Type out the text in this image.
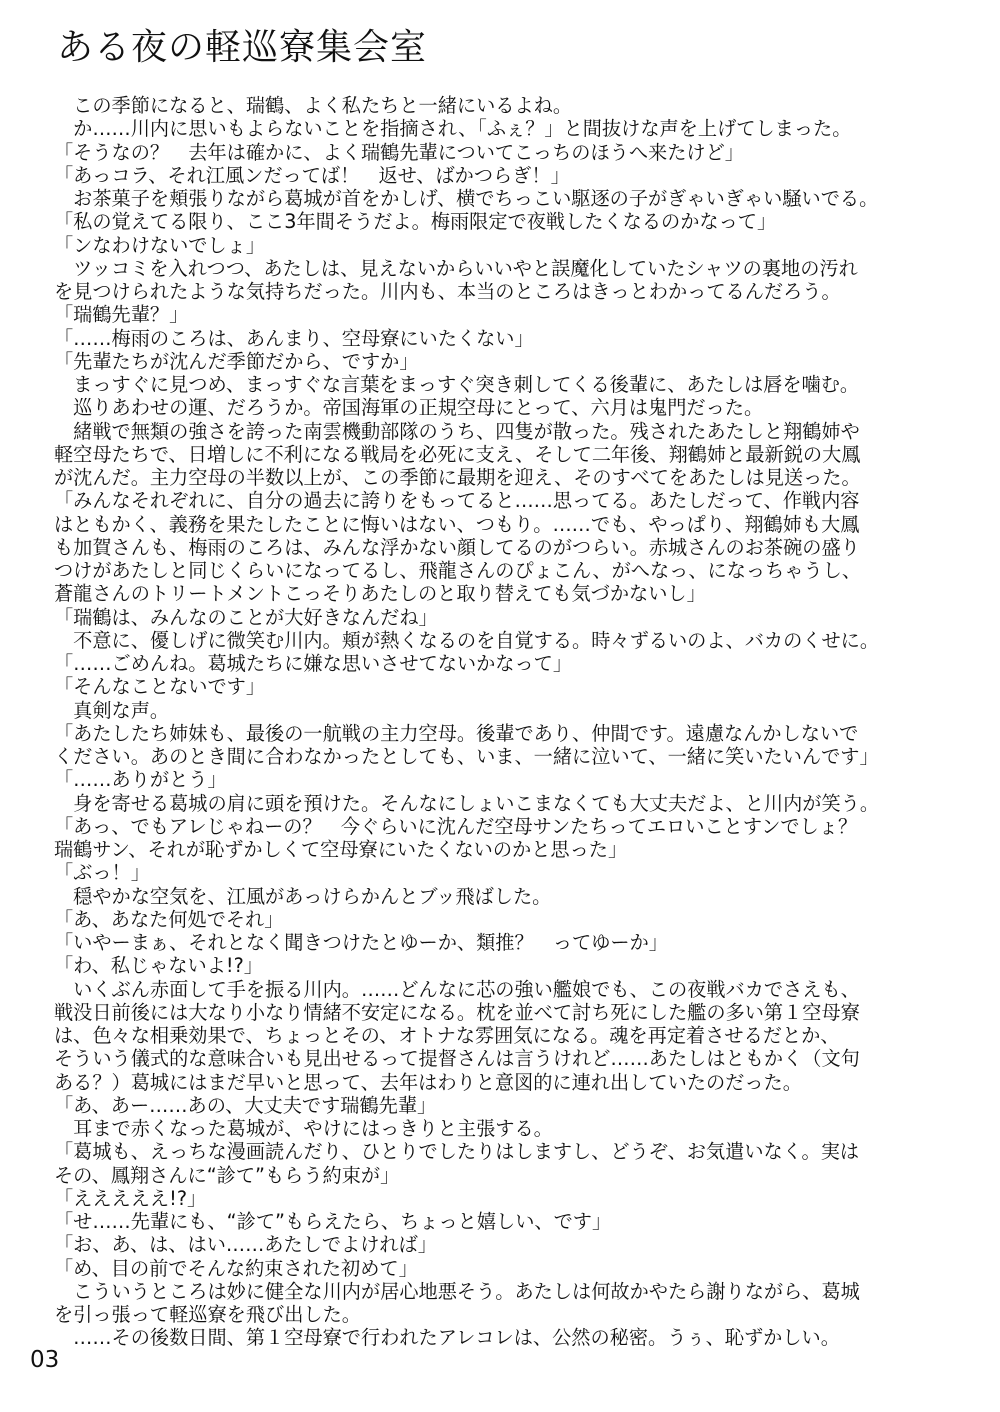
ある夜の軽巡寮集会室
　この季節になると、瑞鶴、よく私たちと一緒にいるよね。
　か……川内に思いもよらないことを指摘され、「ふぇ？」と間抜けな声を上げてしまった。
「そうなの？　去年は確かに、よく瑞鶴先輩についてこっちのほうへ来たけど」
「あっコラ、それ江風ンだってば！　返せ、ばかつらぎ！」
　お茶菓子を頬張りながら葛城が首をかしげ、横でちっこい駆逐の子がぎゃいぎゃい騒いでる。
「私の覚えてる限り、ここ3年間そうだよ。梅雨限定で夜戦したくなるのかなって」
「ンなわけないでしょ」
　ツッコミを入れつつ、あたしは、見えないからいいやと誤魔化していたシャツの裏地の汚れ
を見つけられたような気持ちだった。川内も、本当のところはきっとわかってるんだろう。
「瑞鶴先輩？」
「……梅雨のころは、あんまり、空母寮にいたくない」
「先輩たちが沈んだ季節だから、ですか」
　まっすぐに見つめ、まっすぐな言葉をまっすぐ突き刺してくる後輩に、あたしは唇を噛む。
　巡りあわせの運、だろうか。帝国海軍の正規空母にとって、六月は鬼門だった。
　緒戦で無類の強さを誇った南雲機動部隊のうち、四隻が散った。残されたあたしと翔鶴姉や
軽空母たちで、日増しに不利になる戦局を必死に支え、そして二年後、翔鶴姉と最新鋭の大鳳
が沈んだ。主力空母の半数以上が、この季節に最期を迎え、そのすべてをあたしは見送った。
「みんなそれぞれに、自分の過去に誇りをもってると……思ってる。あたしだって、作戦内容
はともかく、義務を果たしたことに悔いはない、つもり。……でも、やっぱり、翔鶴姉も大鳳
も加賀さんも、梅雨のころは、みんな浮かない顔してるのがつらい。赤城さんのお茶碗の盛り
つけがあたしと同じくらいになってるし、飛龍さんのぴょこん、がへなっ、になっちゃうし、
蒼龍さんのトリートメントこっそりあたしのと取り替えても気づかないし」
「瑞鶴は、みんなのことが大好きなんだね」
　不意に、優しげに微笑む川内。頬が熱くなるのを自覚する。時々ずるいのよ、バカのくせに。
「……ごめんね。葛城たちに嫌な思いさせてないかなって」
「そんなことないです」
　真剣な声。
「あたしたち姉妹も、最後の一航戦の主力空母。後輩であり、仲間です。遠慮なんかしないで
ください。あのとき間に合わなかったとしても、いま、一緒に泣いて、一緒に笑いたいんです」
「……ありがとう」
　身を寄せる葛城の肩に頭を預けた。そんなにしょいこまなくても大丈夫だよ、と川内が笑う。
「あっ、でもアレじゃねーの？　今ぐらいに沈んだ空母サンたちってエロいことすンでしょ？
瑞鶴サン、それが恥ずかしくて空母寮にいたくないのかと思った」
「ぶっ！」
　穏やかな空気を、江風があっけらかんとブッ飛ばした。
「あ、あなた何処でそれ」
「いやーまぁ、それとなく聞きつけたとゆーか、類推？　ってゆーか」
「わ、私じゃないよ!?」
　いくぶん赤面して手を振る川内。……どんなに芯の強い艦娘でも、この夜戦バカでさえも、
戦没日前後には大なり小なり情緒不安定になる。枕を並べて討ち死にした艦の多い第１空母寮
は、色々な相乗効果で、ちょっとその、オトナな雰囲気になる。魂を再定着させるだとか、
そういう儀式的な意味合いも見出せるって提督さんは言うけれど……あたしはともかく（文句
ある？）葛城にはまだ早いと思って、去年はわりと意図的に連れ出していたのだった。
「あ、あー……あの、大丈夫です瑞鶴先輩」
　耳まで赤くなった葛城が、やけにはっきりと主張する。
「葛城も、えっちな漫画読んだり、ひとりでしたりはしますし、どうぞ、お気遣いなく。実は
その、鳳翔さんに“診て”もらう約束が」
「えええええ!?」
「せ……先輩にも、“診て”もらえたら、ちょっと嬉しい、です」
「お、あ、は、はい……あたしでよければ」
「め、目の前でそんな約束された初めて」
　こういうところは妙に健全な川内が居心地悪そう。あたしは何故かやたら謝りながら、葛城
を引っ張って軽巡寮を飛び出した。
　……その後数日間、第１空母寮で行われたアレコレは、公然の秘密。うぅ、恥ずかしい。
03
